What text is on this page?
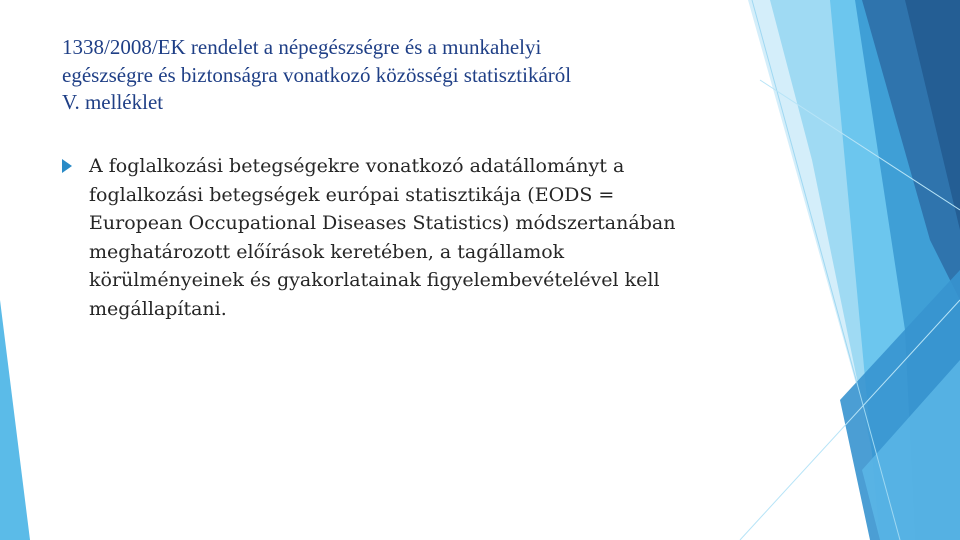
1338/2008/EK rendelet a népegészségre és a munkahelyi
egészségre és biztonságra vonatkozó közösségi statisztikáról
V. melléklet
A foglalkozási betegségekre vonatkozó adatállományt a
foglalkozási betegségek európai statisztikája (EODS =
European Occupational Diseases Statistics) módszertanában
meghatározott előírások keretében, a tagállamok
körülményeinek és gyakorlatainak figyelembevételével kell
megállapítani.
